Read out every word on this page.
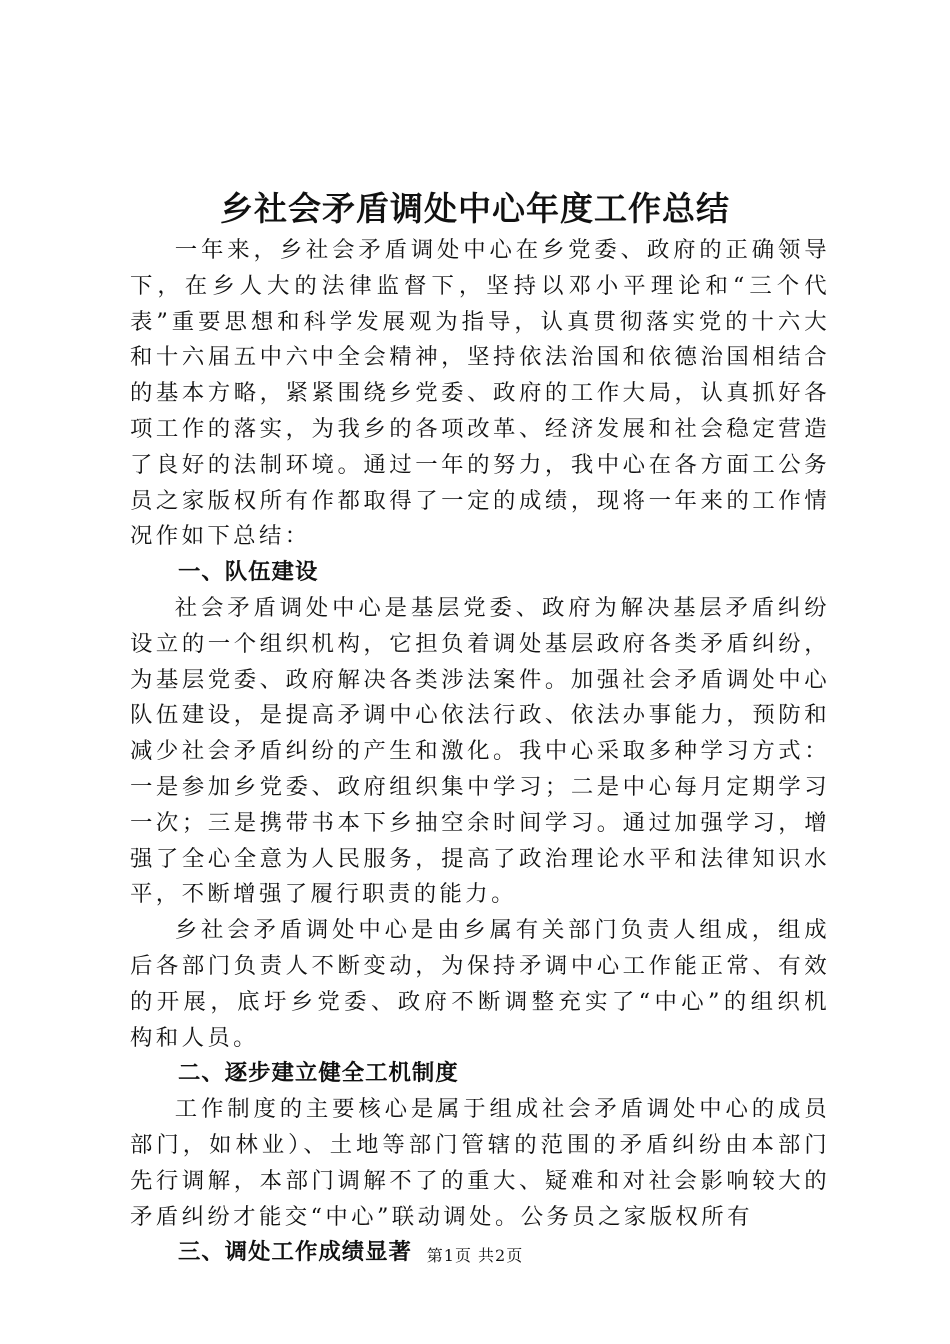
乡社会矛盾调处中心年度工作总结

一年来，乡社会矛盾调处中心在乡党委、政府的正确领导下，在乡人大的法律监督下，坚持以邓小平理论和“三个代表”重要思想和科学发展观为指导，认真贯彻落实党的十六大和十六届五中六中全会精神，坚持依法治国和依德治国相结合的基本方略，紧紧围绕乡党委、政府的工作大局，认真抓好各项工作的落实，为我乡的各项改革、经济发展和社会稳定营造了良好的法制环境。通过一年的努力，我中心在各方面工公务员之家版权所有作都取得了一定的成绩，现将一年来的工作情况作如下总结：

一、队伍建设

社会矛盾调处中心是基层党委、政府为解决基层矛盾纠纷设立的一个组织机构，它担负着调处基层政府各类矛盾纠纷，为基层党委、政府解决各类涉法案件。加强社会矛盾调处中心队伍建设，是提高矛调中心依法行政、依法办事能力，预防和减少社会矛盾纠纷的产生和激化。我中心采取多种学习方式：一是参加乡党委、政府组织集中学习；二是中心每月定期学习一次；三是携带书本下乡抽空余时间学习。通过加强学习，增强了全心全意为人民服务，提高了政治理论水平和法律知识水平，不断增强了履行职责的能力。

乡社会矛盾调处中心是由乡属有关部门负责人组成，组成后各部门负责人不断变动，为保持矛调中心工作能正常、有效的开展，底圩乡党委、政府不断调整充实了“中心”的组织机构和人员。

二、逐步建立健全工机制度

工作制度的主要核心是属于组成社会矛盾调处中心的成员部门，如林业）、土地等部门管辖的范围的矛盾纠纷由本部门先行调解，本部门调解不了的重大、疑难和对社会影响较大的矛盾纠纷才能交“中心”联动调处。公务员之家版权所有

三、调处工作成绩显著 第1页 共2页
